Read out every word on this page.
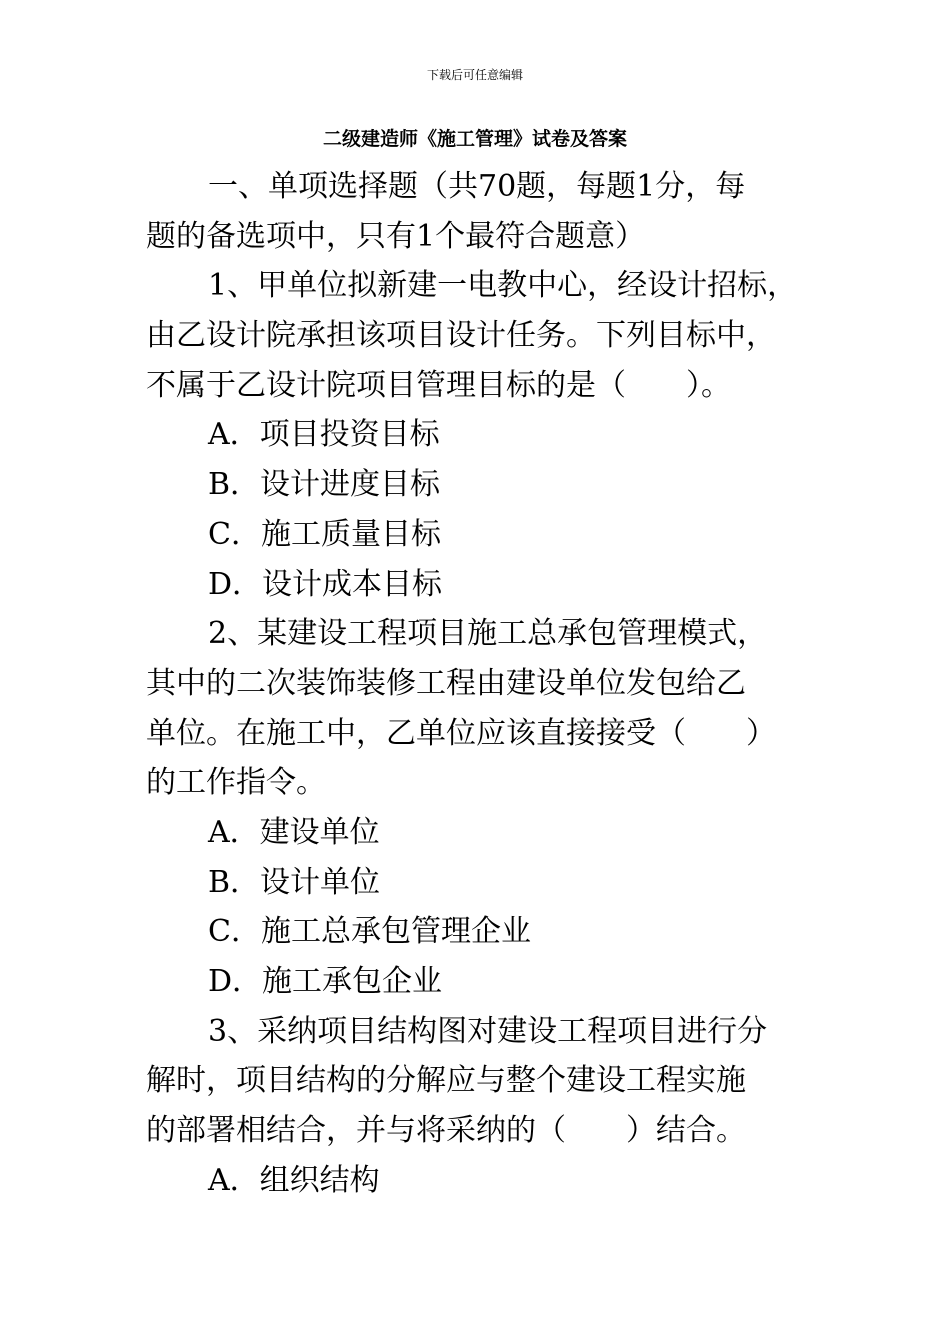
下载后可任意编辑
二级建造师《施工管理》试卷及答案
一、单项选择题（共70题，每题1分，每
题的备选项中，只有1个最符合题意）
1、甲单位拟新建一电教中心，经设计招标，
由乙设计院承担该项目设计任务。下列目标中，
不属于乙设计院项目管理目标的是（　　）。
A．项目投资目标
B．设计进度目标
C．施工质量目标
D．设计成本目标
2、某建设工程项目施工总承包管理模式，
其中的二次装饰装修工程由建设单位发包给乙
单位。在施工中，乙单位应该直接接受（　　）
的工作指令。
A．建设单位
B．设计单位
C．施工总承包管理企业
D．施工承包企业
3、采纳项目结构图对建设工程项目进行分
解时，项目结构的分解应与整个建设工程实施
的部署相结合，并与将采纳的（　　）结合。
A．组织结构
